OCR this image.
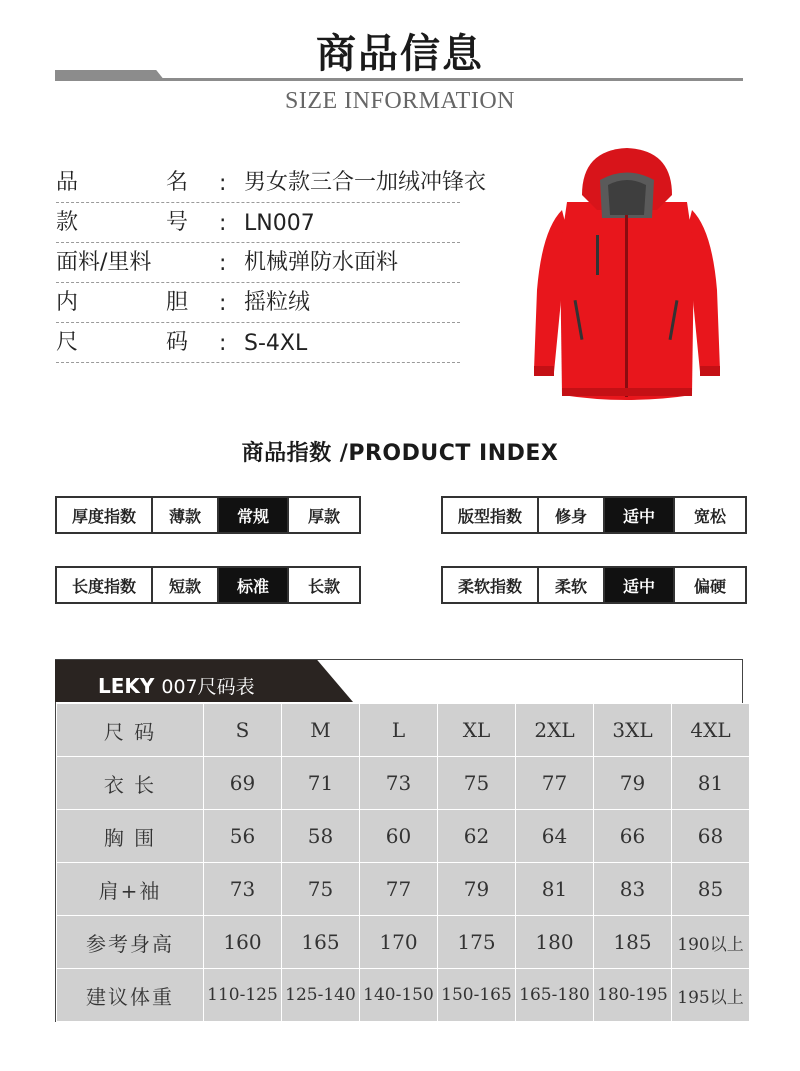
商品信息
SIZE INFORMATION
品	名 : 男女款三合一加绒冲锋衣
款	号 : LN007
面料/里料	: 机械弹防水面料
内	胆 : 摇粒绒
尺	码 : S-4XL
商品指数 /PRODUCT INDEX
厚度指数	薄款	常规	厚款	版型指数	修身	适中	宽松
长度指数	短款	标准	长款	柔软指数	柔软	适中	偏硬
LEKY 007尺码表
尺 码	S	M	L	XL	2XL	3XL	4XL
衣 长	69	71	73	75	77	79	81
胸 围	56	58	60	62	64	66	68
肩+袖	73	75	77	79	81	83	85
参考身高	160	165	170	175	180	185	190以上
建议体重	110-125	125-140	140-150	150-165	165-180	180-195	195以上
